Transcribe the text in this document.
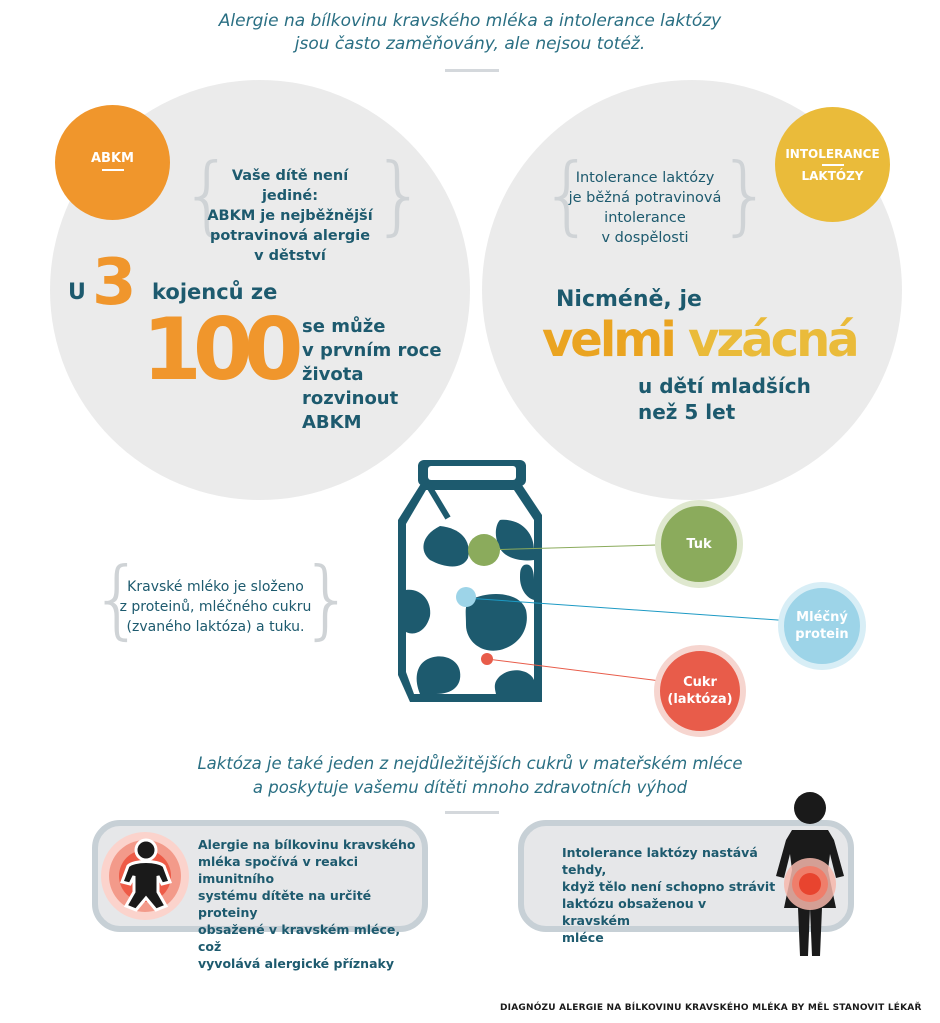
Alergie na bílkovinu kravského mléka a intolerance laktózy
jsou často zaměňovány, ale nejsou totéž.
ABKM { }
Vaše dítě není jediné:
ABKM je nejběžnější
potravinová alergie
v dětství
U 3 kojenců ze
100 se může
v prvním roce
života
rozvinout
ABKM
INTOLERANCE
LAKTÓZY
{ }
Intolerance laktózy
je běžná potravinová
intolerance
v dospělosti
Nicméně, je
velmi vzácná
u dětí mladších
než 5 let
{ }
Kravské mléko je složeno
z proteinů, mléčného cukru
(zvaného laktóza) a tuku.
Tuk
Mléčný
protein
Cukr
(laktóza)
Laktóza je také jeden z nejdůležitějších cukrů v mateřském mléce
a poskytuje vašemu dítěti mnoho zdravotních výhod
Alergie na bílkovinu kravského
mléka spočívá v reakci imunitního
systému dítěte na určité proteiny
obsažené v kravském mléce, což
vyvolává alergické příznaky
Intolerance laktózy nastává tehdy,
když tělo není schopno strávit
laktózu obsaženou v kravském
mléce
DIAGNÓZU ALERGIE NA BÍLKOVINU KRAVSKÉHO MLÉKA BY MĚL STANOVIT LÉKAŘ
